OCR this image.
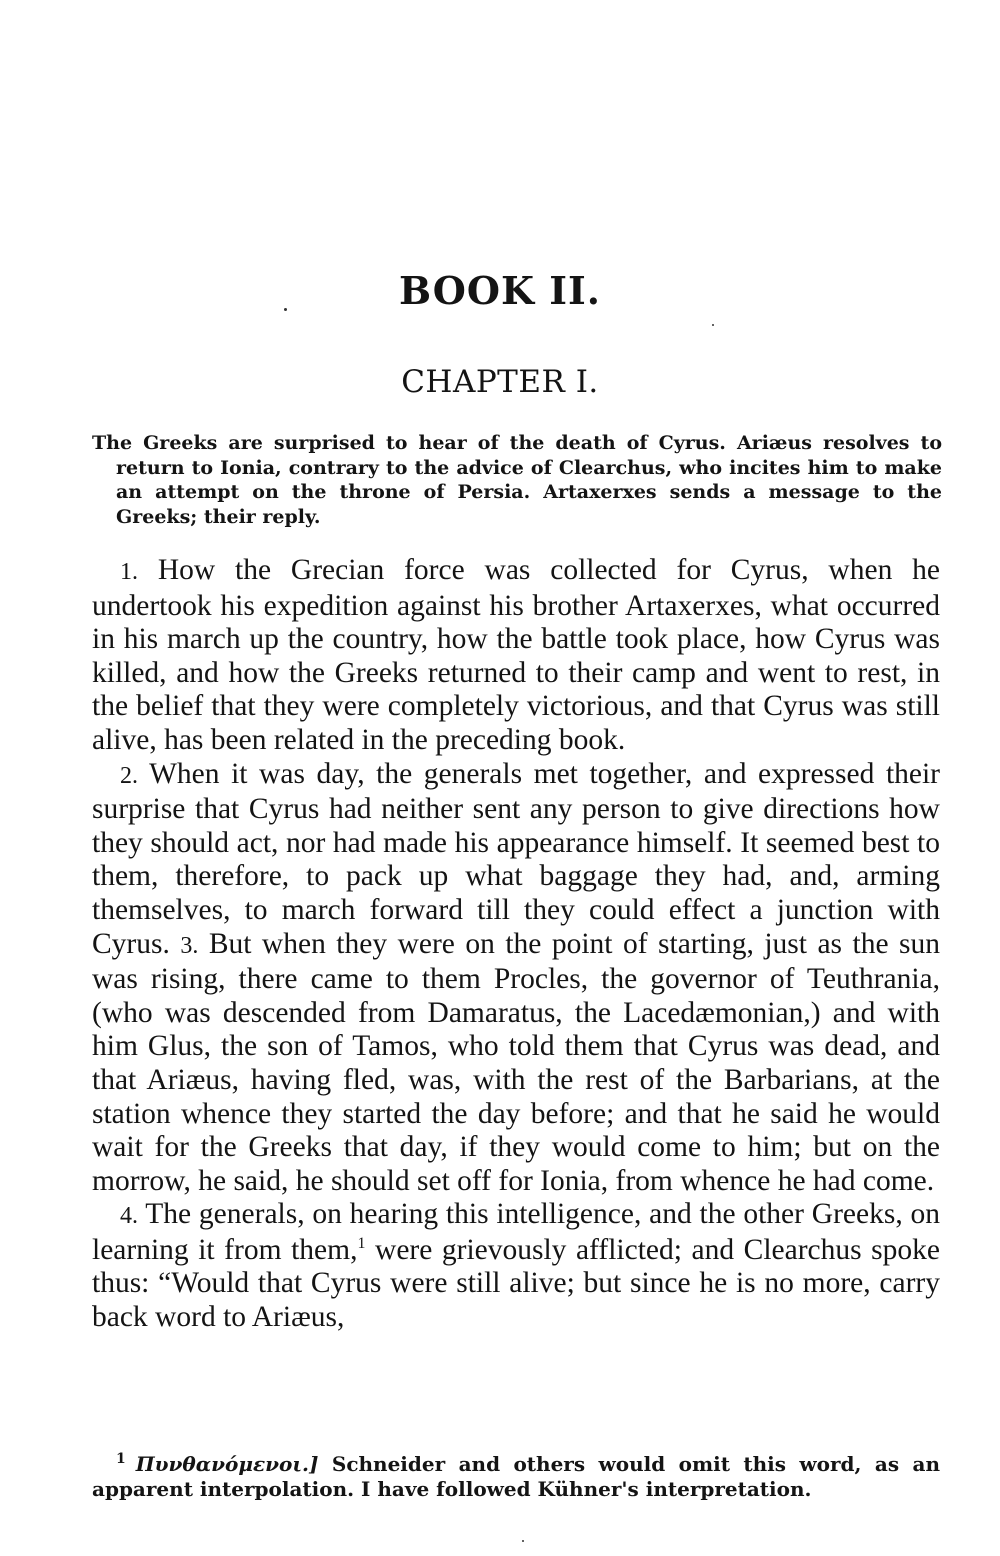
BOOK II.
CHAPTER I.
The Greeks are surprised to hear of the death of Cyrus. Ariæus resolves to return to Ionia, contrary to the advice of Clearchus, who incites him to make an attempt on the throne of Persia. Artaxerxes sends a message to the Greeks; their reply.

1. How the Grecian force was collected for Cyrus, when he undertook his expedition against his brother Artaxerxes, what occurred in his march up the country, how the battle took place, how Cyrus was killed, and how the Greeks returned to their camp and went to rest, in the belief that they were completely victorious, and that Cyrus was still alive, has been related in the preceding book.

2. When it was day, the generals met together, and expressed their surprise that Cyrus had neither sent any person to give directions how they should act, nor had made his appearance himself. It seemed best to them, therefore, to pack up what baggage they had, and, arming themselves, to march forward till they could effect a junction with Cyrus. 3. But when they were on the point of starting, just as the sun was rising, there came to them Procles, the governor of Teuthrania, (who was descended from Damaratus, the Lacedæmonian,) and with him Glus, the son of Tamos, who told them that Cyrus was dead, and that Ariæus, having fled, was, with the rest of the Barbarians, at the station whence they started the day before; and that he said he would wait for the Greeks that day, if they would come to him; but on the morrow, he said, he should set off for Ionia, from whence he had come.

4. The generals, on hearing this intelligence, and the other Greeks, on learning it from them,$^1$ were grievously afflicted; and Clearchus spoke thus: “Would that Cyrus were still alive; but since he is no more, carry back word to Ariæus,

$^1$ Πυνθανόμενοι.] Schneider and others would omit this word, as an apparent interpolation. I have followed Kühner's interpretation.
